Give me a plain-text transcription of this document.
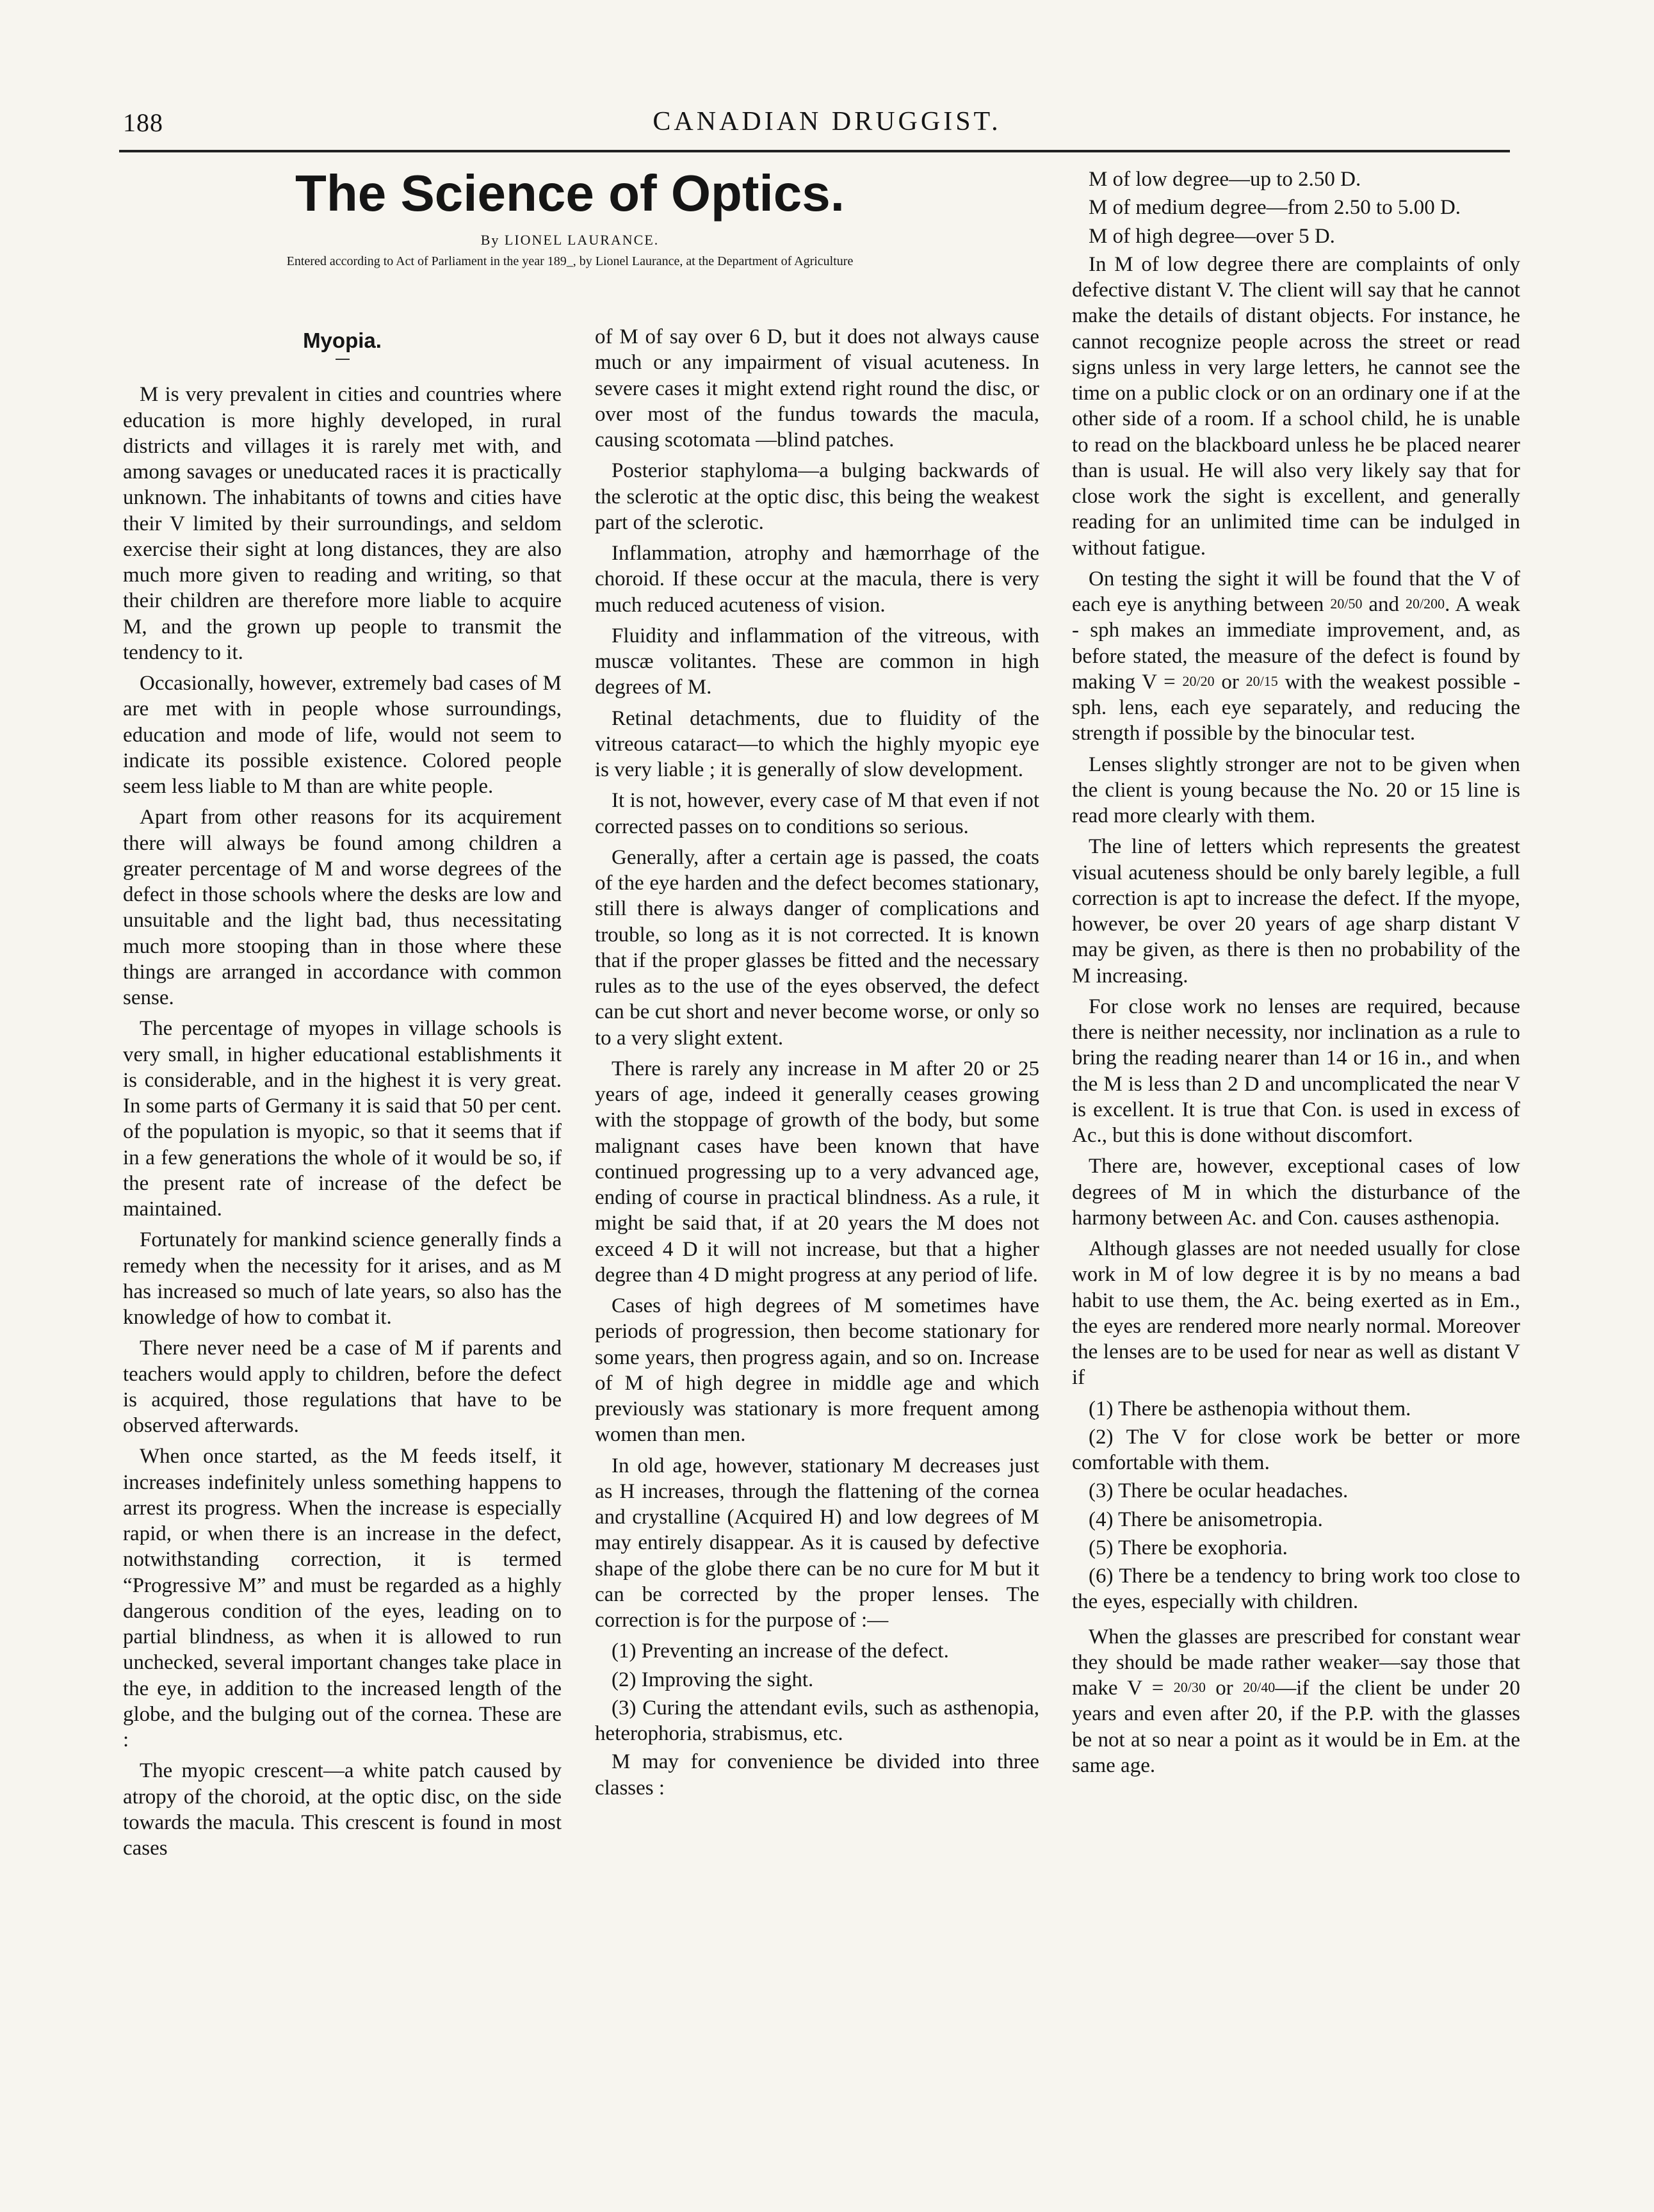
188	CANADIAN DRUGGIST.
The Science of Optics.
By LIONEL LAURANCE.
Entered according to Act of Parliament in the year 189_, by Lionel Laurance, at the Department of Agriculture
Myopia.

M is very prevalent in cities and countries where education is more highly developed, in rural districts and villages it is rarely met with, and among savages or uneducated races it is practically unknown. The inhabitants of towns and cities have their V limited by their surroundings, and seldom exercise their sight at long distances, they are also much more given to reading and writing, so that their children are therefore more liable to acquire M, and the grown up people to transmit the tendency to it.

Occasionally, however, extremely bad cases of M are met with in people whose surroundings, education and mode of life, would not seem to indicate its possible existence. Colored people seem less liable to M than are white people.

Apart from other reasons for its acquirement there will always be found among children a greater percentage of M and worse degrees of the defect in those schools where the desks are low and unsuitable and the light bad, thus necessitating much more stooping than in those where these things are arranged in accordance with common sense.

The percentage of myopes in village schools is very small, in higher educational establishments it is considerable, and in the highest it is very great. In some parts of Germany it is said that 50 per cent. of the population is myopic, so that it seems that if in a few generations the whole of it would be so, if the present rate of increase of the defect be maintained.

Fortunately for mankind science generally finds a remedy when the necessity for it arises, and as M has increased so much of late years, so also has the knowledge of how to combat it.

There never need be a case of M if parents and teachers would apply to children, before the defect is acquired, those regulations that have to be observed afterwards.

When once started, as the M feeds itself, it increases indefinitely unless something happens to arrest its progress. When the increase is especially rapid, or when there is an increase in the defect, notwithstanding correction, it is termed “Progressive M” and must be regarded as a highly dangerous condition of the eyes, leading on to partial blindness, as when it is allowed to run unchecked, several important changes take place in the eye, in addition to the increased length of the globe, and the bulging out of the cornea. These are :

The myopic crescent—a white patch caused by atropy of the choroid, at the optic disc, on the side towards the macula. This crescent is found in most cases

of M of say over 6 D, but it does not always cause much or any impairment of visual acuteness. In severe cases it might extend right round the disc, or over most of the fundus towards the macula, causing scotomata —blind patches.

Posterior staphyloma—a bulging backwards of the sclerotic at the optic disc, this being the weakest part of the sclerotic.

Inflammation, atrophy and hæmorrhage of the choroid. If these occur at the macula, there is very much reduced acuteness of vision.

Fluidity and inflammation of the vitreous, with muscæ volitantes. These are common in high degrees of M.

Retinal detachments, due to fluidity of the vitreous cataract—to which the highly myopic eye is very liable ; it is generally of slow development.

It is not, however, every case of M that even if not corrected passes on to conditions so serious.

Generally, after a certain age is passed, the coats of the eye harden and the defect becomes stationary, still there is always danger of complications and trouble, so long as it is not corrected. It is known that if the proper glasses be fitted and the necessary rules as to the use of the eyes observed, the defect can be cut short and never become worse, or only so to a very slight extent.

There is rarely any increase in M after 20 or 25 years of age, indeed it generally ceases growing with the stoppage of growth of the body, but some malignant cases have been known that have continued progressing up to a very advanced age, ending of course in practical blindness. As a rule, it might be said that, if at 20 years the M does not exceed 4 D it will not increase, but that a higher degree than 4 D might progress at any period of life.

Cases of high degrees of M sometimes have periods of progression, then become stationary for some years, then progress again, and so on. Increase of M of high degree in middle age and which previously was stationary is more frequent among women than men.

In old age, however, stationary M decreases just as H increases, through the flattening of the cornea and crystalline (Acquired H) and low degrees of M may entirely disappear. As it is caused by defective shape of the globe there can be no cure for M but it can be corrected by the proper lenses. The correction is for the purpose of :—

(1) Preventing an increase of the defect.
(2) Improving the sight.
(3) Curing the attendant evils, such as asthenopia, heterophoria, strabismus, etc.

M may for convenience be divided into three classes :

M of low degree—up to 2.50 D.
M of medium degree—from 2.50 to 5.00 D.
M of high degree—over 5 D.

In M of low degree there are complaints of only defective distant V. The client will say that he cannot make the details of distant objects. For instance, he cannot recognize people across the street or read signs unless in very large letters, he cannot see the time on a public clock or on an ordinary one if at the other side of a room. If a school child, he is unable to read on the blackboard unless he be placed nearer than is usual. He will also very likely say that for close work the sight is excellent, and generally reading for an unlimited time can be indulged in without fatigue.

On testing the sight it will be found that the V of each eye is anything between 20/50 and 20/200. A weak - sph makes an immediate improvement, and, as before stated, the measure of the defect is found by making V = 20/20 or 20/15 with the weakest possible - sph. lens, each eye separately, and reducing the strength if possible by the binocular test.

Lenses slightly stronger are not to be given when the client is young because the No. 20 or 15 line is read more clearly with them.

The line of letters which represents the greatest visual acuteness should be only barely legible, a full correction is apt to increase the defect. If the myope, however, be over 20 years of age sharp distant V may be given, as there is then no probability of the M increasing.

For close work no lenses are required, because there is neither necessity, nor inclination as a rule to bring the reading nearer than 14 or 16 in., and when the M is less than 2 D and uncomplicated the near V is excellent. It is true that Con. is used in excess of Ac., but this is done without discomfort.

There are, however, exceptional cases of low degrees of M in which the disturbance of the harmony between Ac. and Con. causes asthenopia.

Although glasses are not needed usually for close work in M of low degree it is by no means a bad habit to use them, the Ac. being exerted as in Em., the eyes are rendered more nearly normal. Moreover the lenses are to be used for near as well as distant V if

(1) There be asthenopia without them.
(2) The V for close work be better or more comfortable with them.
(3) There be ocular headaches.
(4) There be anisometropia.
(5) There be exophoria.
(6) There be a tendency to bring work too close to the eyes, especially with children.

When the glasses are prescribed for constant wear they should be made rather weaker—say those that make V = 20/30 or 20/40—if the client be under 20 years and even after 20, if the P.P. with the glasses be not at so near a point as it would be in Em. at the same age.
